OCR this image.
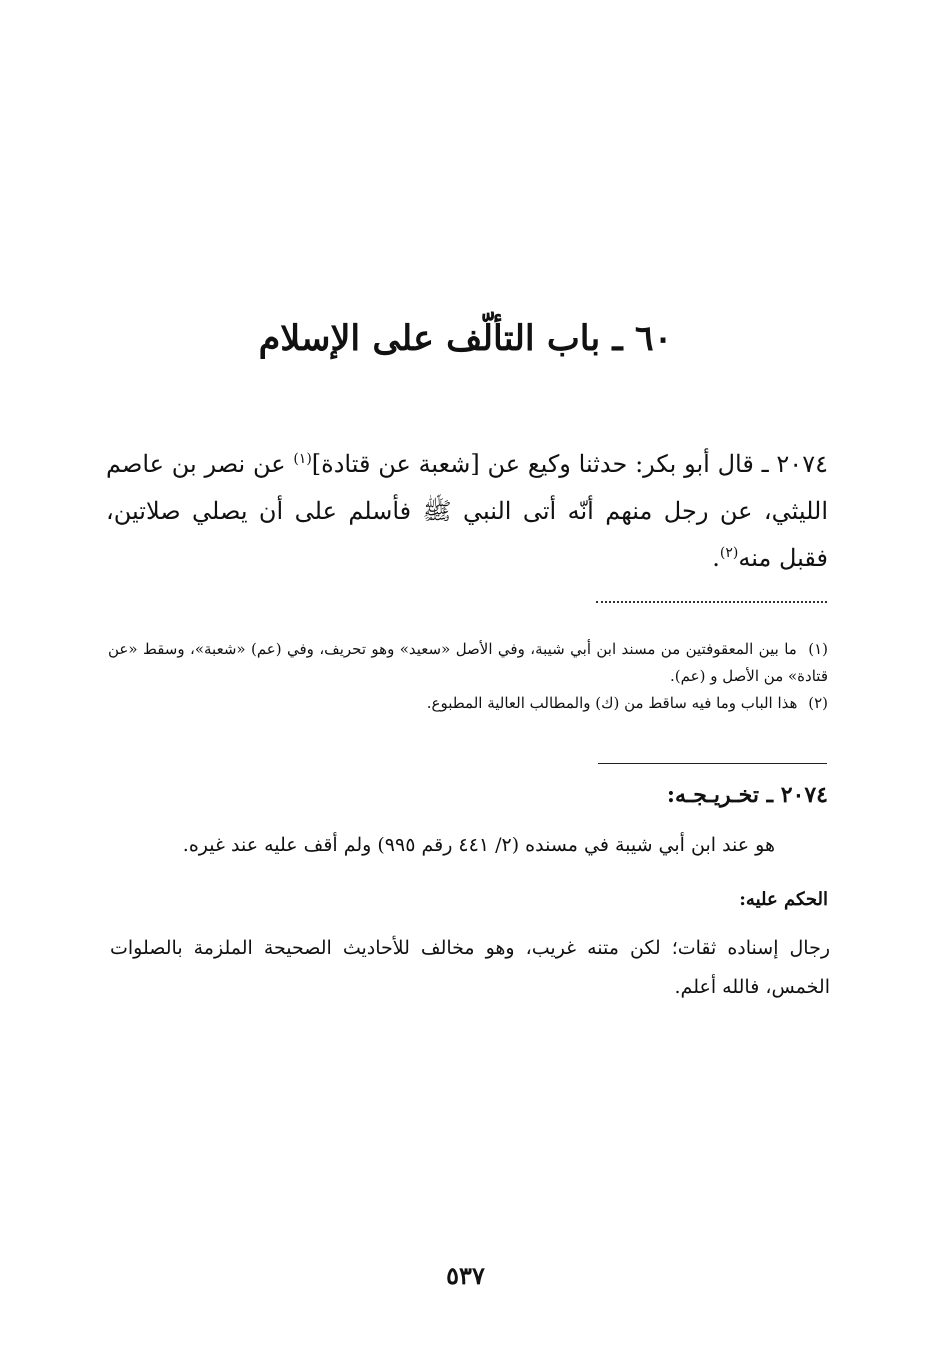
٦٠ ـ باب التألّف على الإسلام
٢٠٧٤ ـ قال أبو بكر: حدثنا وكيع عن [شعبة عن قتادة]$^{(١)}$ عن نصر بن عاصم الليثي، عن رجل منهم أنّه أتى النبي ﷺ فأسلم على أن يصلي صلاتين، فقبل منه$^{(٢)}$.

(١) ما بين المعقوفتين من مسند ابن أبي شيبة، وفي الأصل «سعيد» وهو تحريف، وفي (عم) «شعبة»، وسقط «عن قتادة» من الأصل و (عم).

(٢) هذا الباب وما فيه ساقط من (ك) والمطالب العالية المطبوع.

٢٠٧٤ ـ تخـريـجـه:
هو عند ابن أبي شيبة في مسنده (٢/ ٤٤١ رقم ٩٩٥) ولم أقف عليه عند غيره.
الحكم عليه:
رجال إسناده ثقات؛ لكن متنه غريب، وهو مخالف للأحاديث الصحيحة الملزمة بالصلوات الخمس، فالله أعلم.
٥٣٧
